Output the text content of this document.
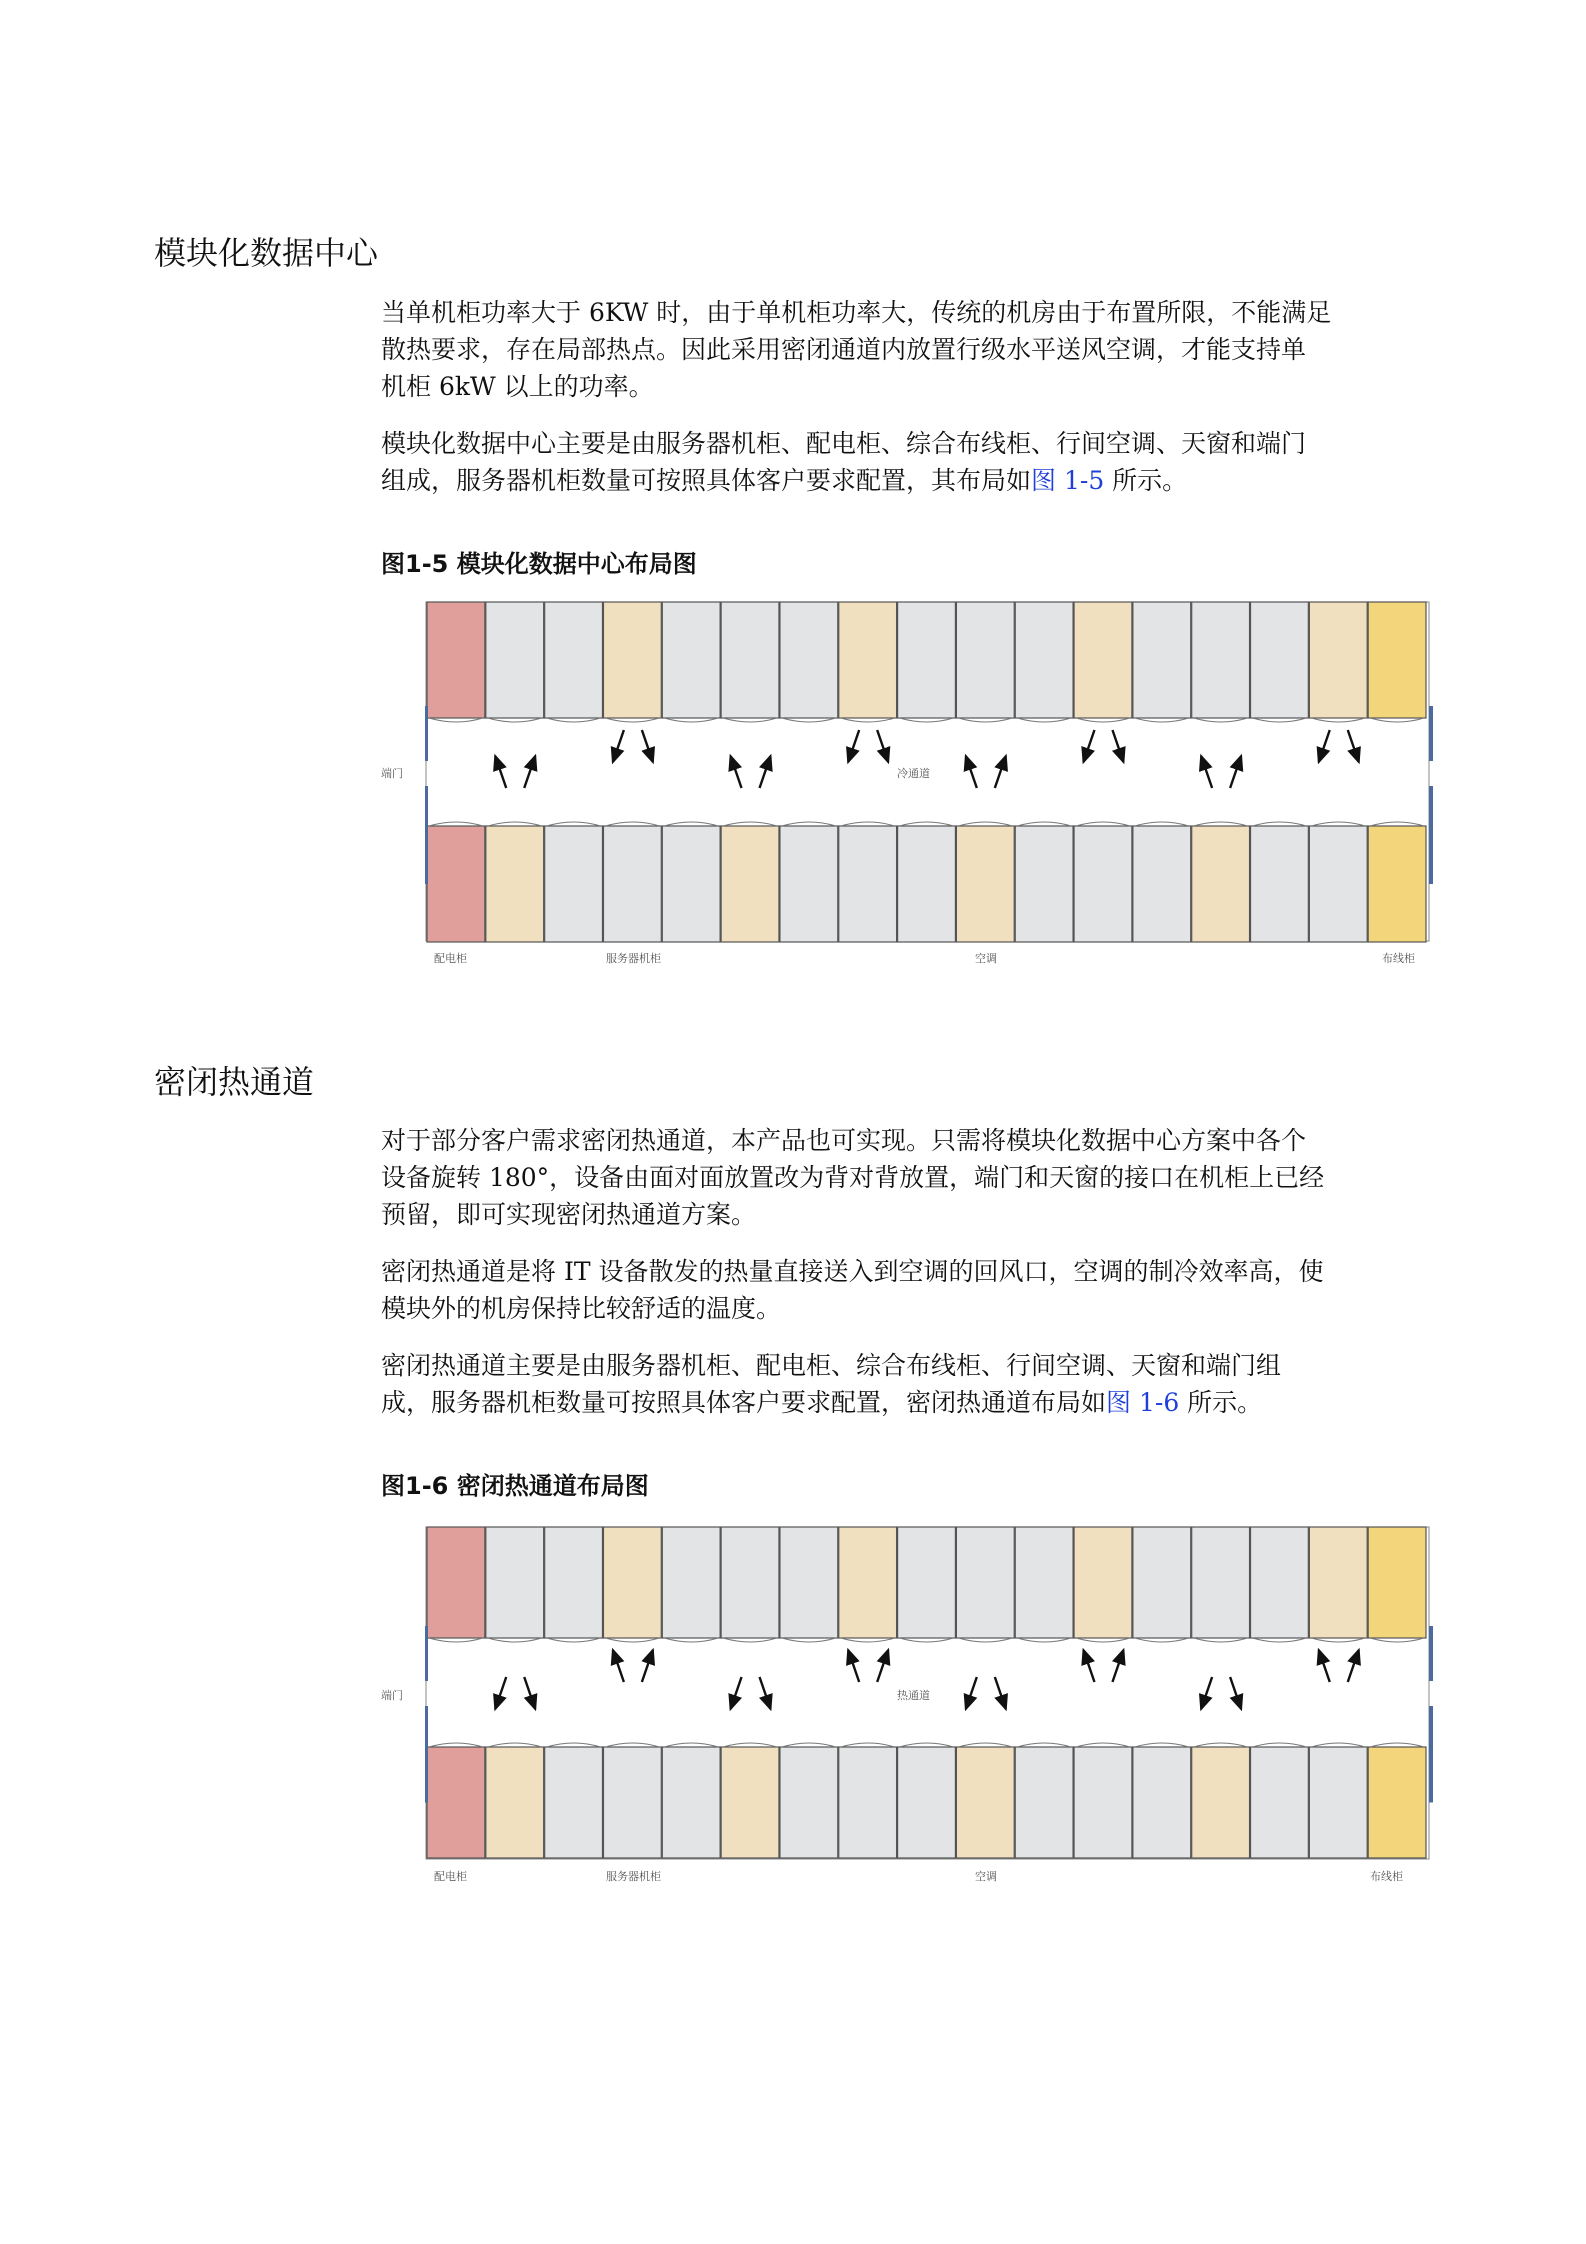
模块化数据中心
当单机柜功率大于 6KW 时，由于单机柜功率大，传统的机房由于布置所限，不能满足
散热要求，存在局部热点。因此采用密闭通道内放置行级水平送风空调，才能支持单
机柜 6kW 以上的功率。
模块化数据中心主要是由服务器机柜、配电柜、综合布线柜、行间空调、天窗和端门
组成，服务器机柜数量可按照具体客户要求配置，其布局如图 1-5 所示。
图1-5 模块化数据中心布局图
端门	冷通道
配电柜	服务器机柜	空调	布线柜
密闭热通道
对于部分客户需求密闭热通道，本产品也可实现。只需将模块化数据中心方案中各个
设备旋转 180°，设备由面对面放置改为背对背放置，端门和天窗的接口在机柜上已经
预留，即可实现密闭热通道方案。
密闭热通道是将 IT 设备散发的热量直接送入到空调的回风口，空调的制冷效率高，使
模块外的机房保持比较舒适的温度。
密闭热通道主要是由服务器机柜、配电柜、综合布线柜、行间空调、天窗和端门组
成，服务器机柜数量可按照具体客户要求配置，密闭热通道布局如图 1-6 所示。
图1-6 密闭热通道布局图
端门	热通道
配电柜	服务器机柜	空调	布线柜
